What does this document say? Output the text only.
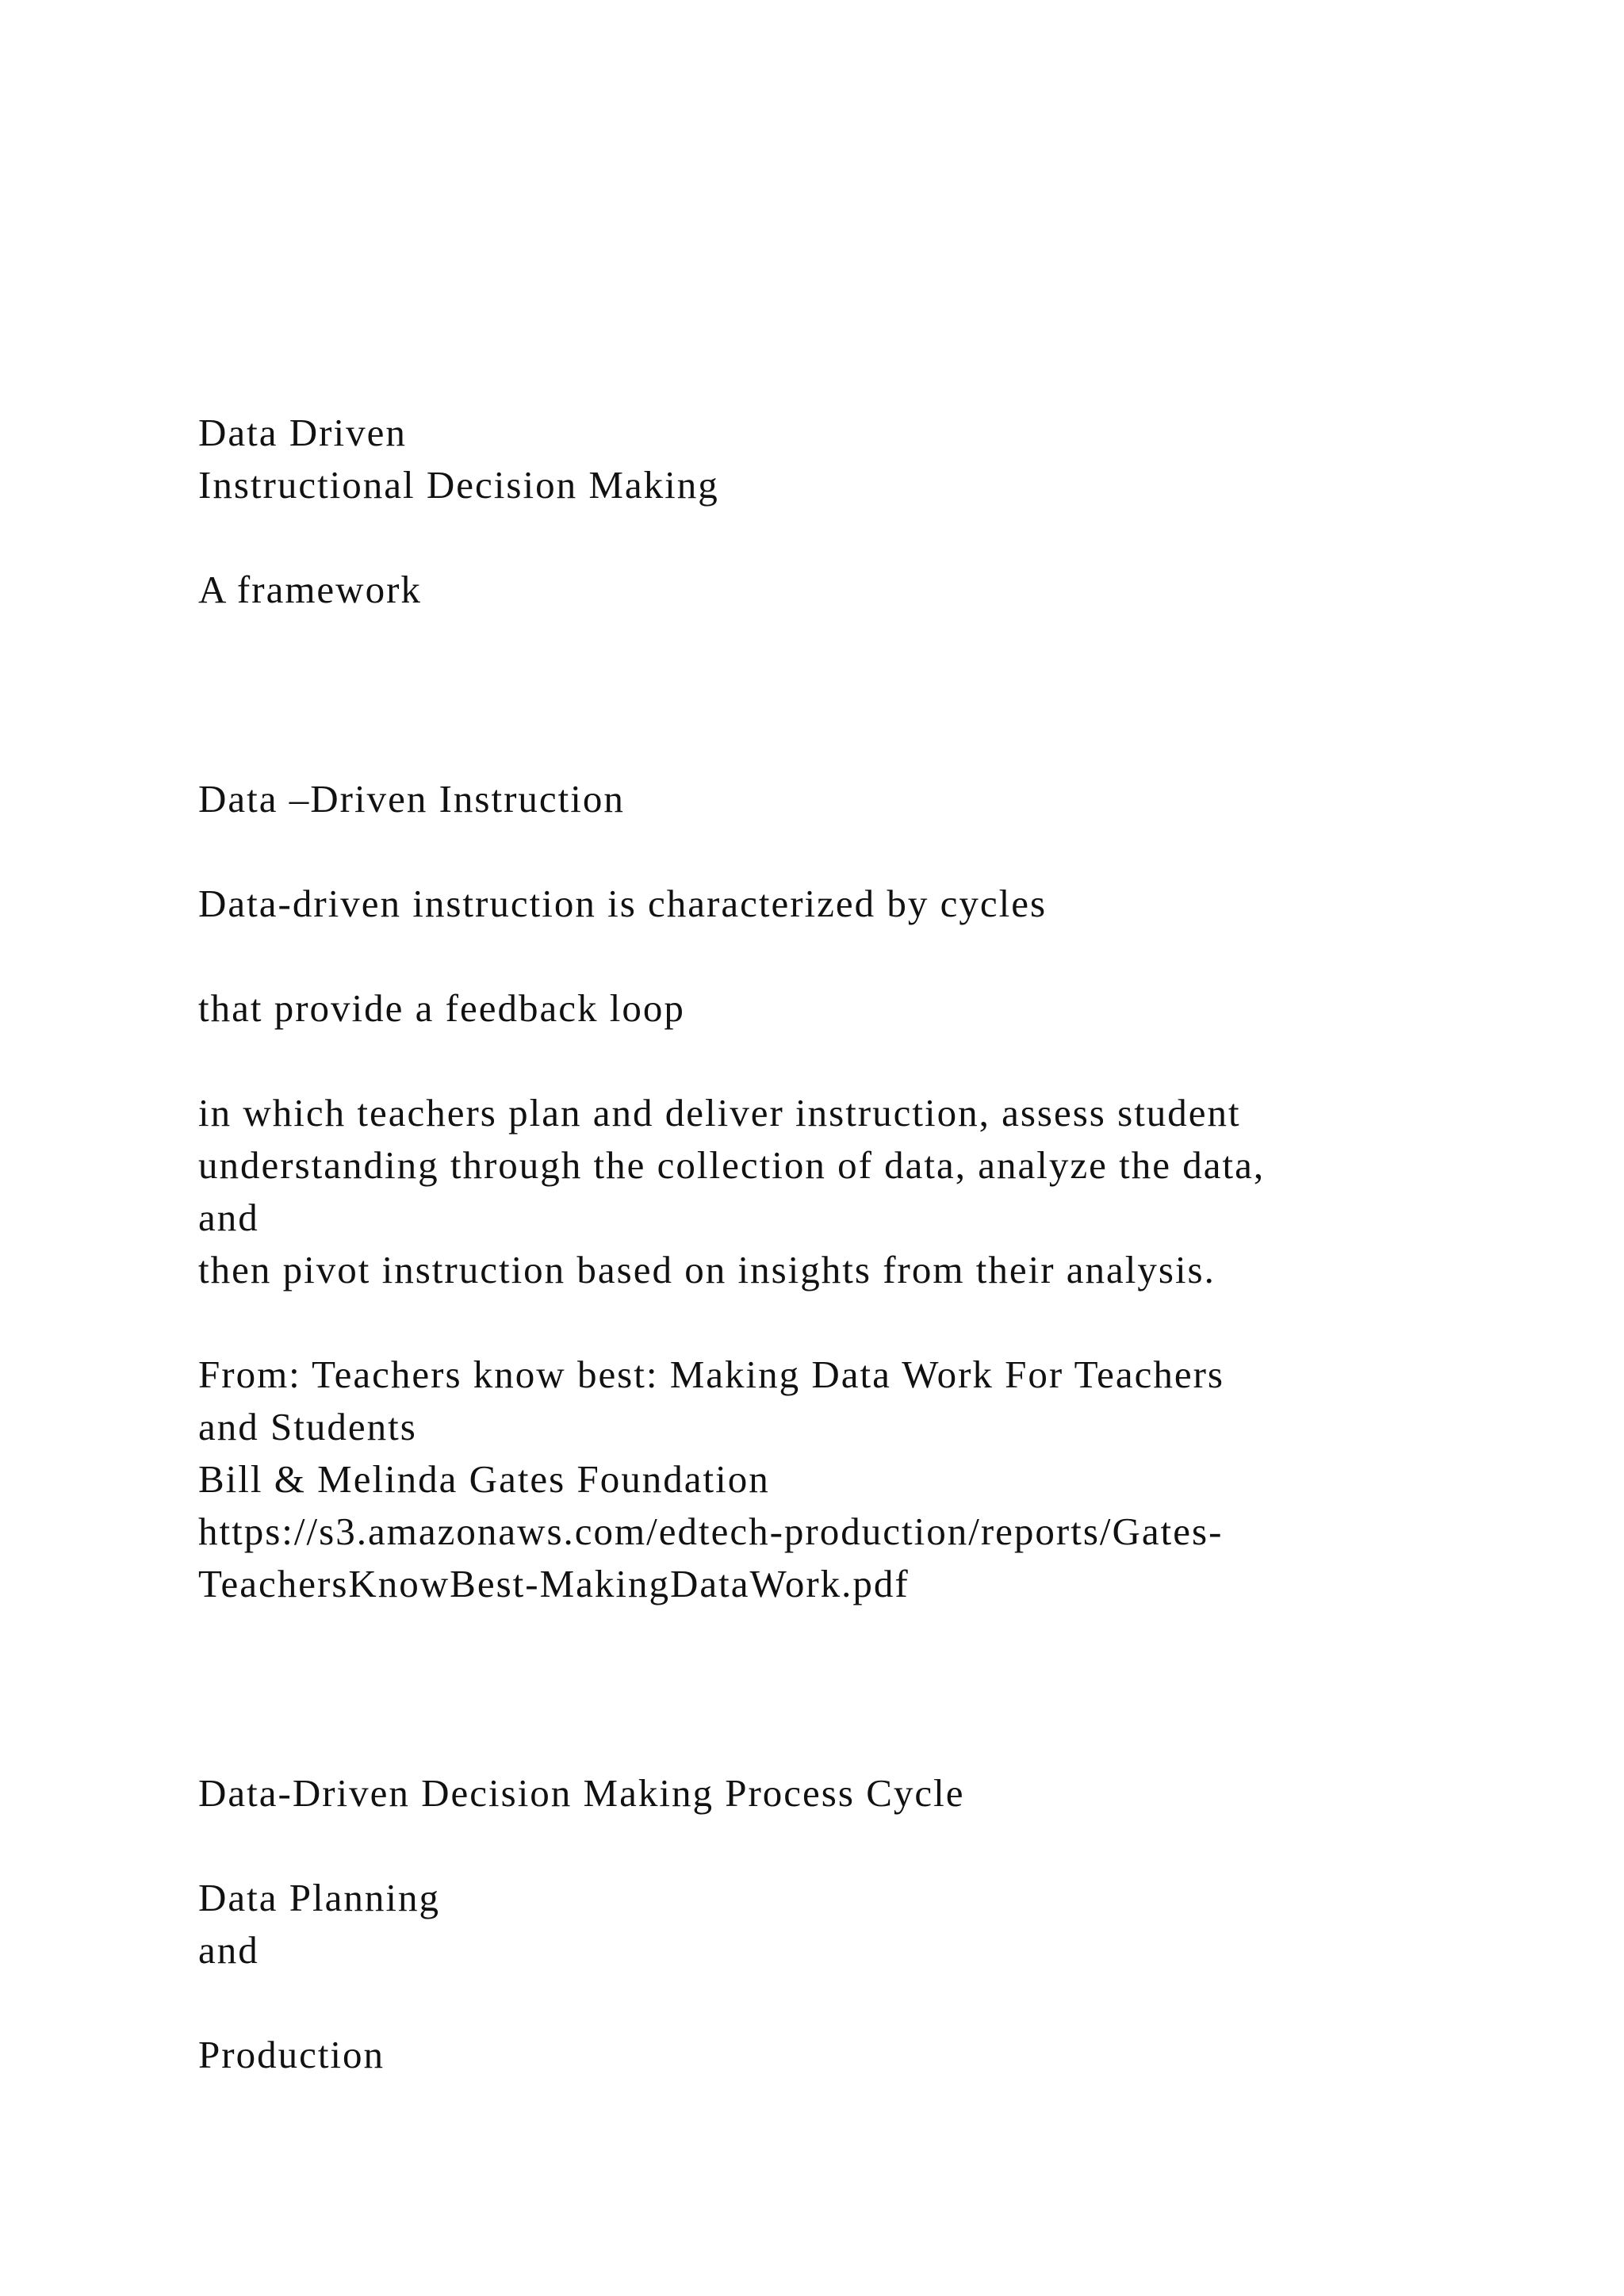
Data Driven

Instructional Decision Making

A framework

Data –Driven Instruction

Data-driven instruction is characterized by cycles

that provide a feedback loop

in which teachers plan and deliver instruction, assess student

understanding through the collection of data, analyze the data,

and

then pivot instruction based on insights from their analysis.

From: Teachers know best: Making Data Work For Teachers

and Students

Bill & Melinda Gates Foundation

https://s3.amazonaws.com/edtech-production/reports/Gates-

TeachersKnowBest-MakingDataWork.pdf

Data-Driven Decision Making Process Cycle

Data Planning

and

Production
